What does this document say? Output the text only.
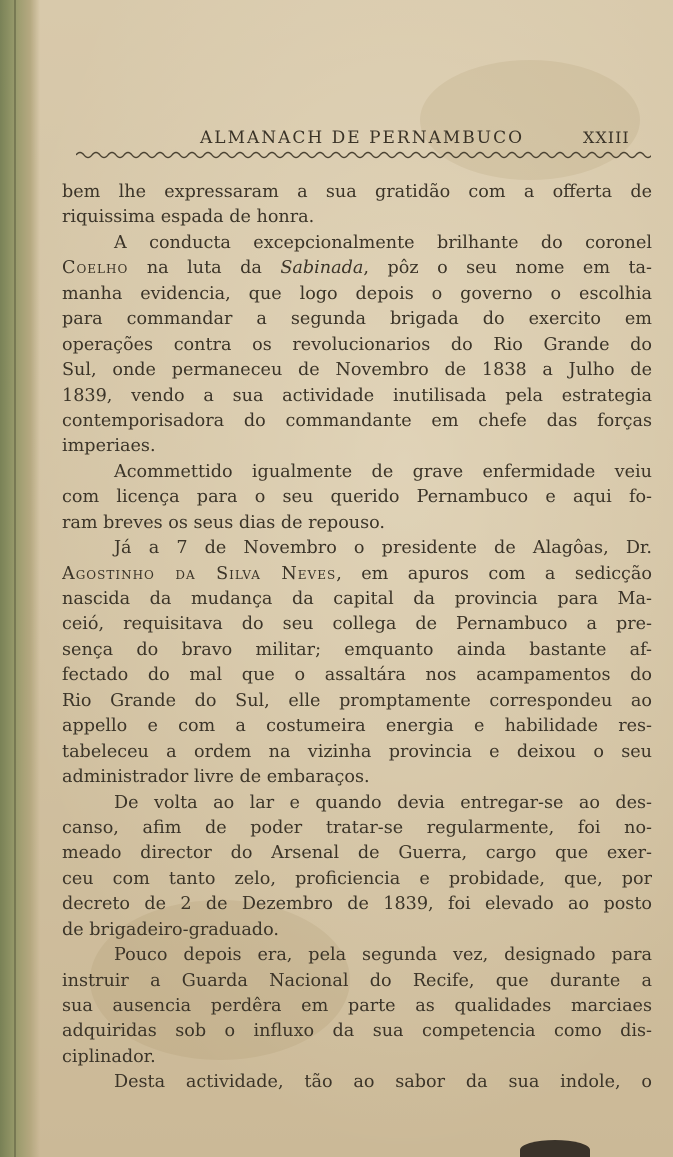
ALMANACH DE PERNAMBUCO	XXIII
bem lhe expressaram a sua gratidão com a offerta de
riquissima espada de honra.
A conducta excepcionalmente brilhante do coronel
Coelho na luta da Sabinada, pôz o seu nome em ta-
manha evidencia, que logo depois o governo o escolhia
para commandar a segunda brigada do exercito em
operações contra os revolucionarios do Rio Grande do
Sul, onde permaneceu de Novembro de 1838 a Julho de
1839, vendo a sua actividade inutilisada pela estrategia
contemporisadora do commandante em chefe das forças
imperiaes.
Acommettido igualmente de grave enfermidade veiu
com licença para o seu querido Pernambuco e aqui fo-
ram breves os seus dias de repouso.
Já a 7 de Novembro o presidente de Alagôas, Dr.
Agostinho da Silva Neves, em apuros com a sedicção
nascida da mudança da capital da provincia para Ma-
ceió, requisitava do seu collega de Pernambuco a pre-
sença do bravo militar; emquanto ainda bastante af-
fectado do mal que o assaltára nos acampamentos do
Rio Grande do Sul, elle promptamente correspondeu ao
appello e com a costumeira energia e habilidade res-
tabeleceu a ordem na vizinha provincia e deixou o seu
administrador livre de embaraços.
De volta ao lar e quando devia entregar-se ao des-
canso, afim de poder tratar-se regularmente, foi no-
meado director do Arsenal de Guerra, cargo que exer-
ceu com tanto zelo, proficiencia e probidade, que, por
decreto de 2 de Dezembro de 1839, foi elevado ao posto
de brigadeiro-graduado.
Pouco depois era, pela segunda vez, designado para
instruir a Guarda Nacional do Recife, que durante a
sua ausencia perdêra em parte as qualidades marciaes
adquiridas sob o influxo da sua competencia como dis-
ciplinador.
Desta actividade, tão ao sabor da sua indole, o
